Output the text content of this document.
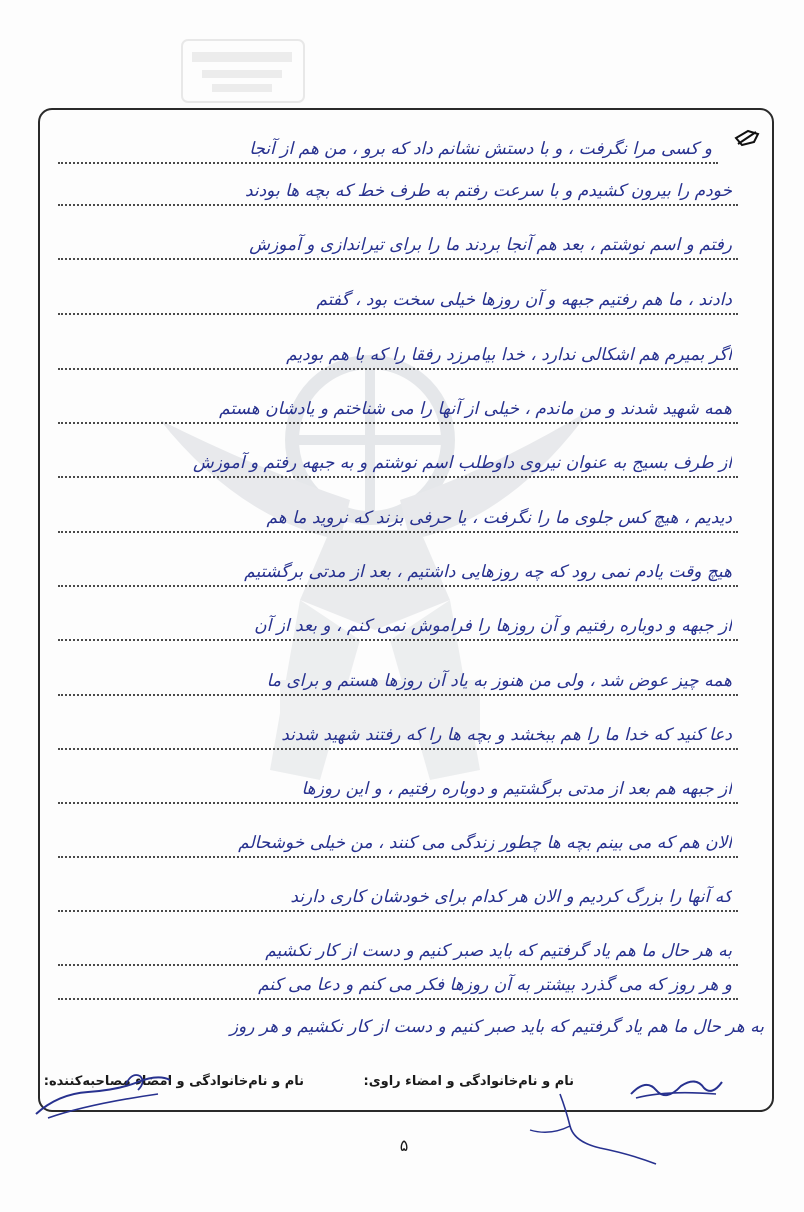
و کسی مرا نگرفت ، و با دستش نشانم داد که برو ، من هم از آنجا
خودم را بیرون کشیدم و با سرعت رفتم به طرف خط که بچه ها بودند
رفتم و اسم نوشتم ، بعد هم آنجا بردند ما را برای تیراندازی و آموزش
دادند ، ما هم رفتیم جبهه و آن روزها خیلی سخت بود ، گفتم
اگر بمیرم هم اشکالی ندارد ، خدا بیامرزد رفقا را که با هم بودیم
همه شهید شدند و من ماندم ، خیلی از آنها را می شناختم و یادشان هستم
از طرف بسیج به عنوان نیروی داوطلب اسم نوشتم و به جبهه رفتم و آموزش
دیدیم ، هیچ کس جلوی ما را نگرفت ، یا حرفی بزند که نروید ما هم
هیچ وقت یادم نمی رود که چه روزهایی داشتیم ، بعد از مدتی برگشتیم
از جبهه و دوباره رفتیم و آن روزها را فراموش نمی کنم ، و بعد از آن
همه چیز عوض شد ، ولی من هنوز به یاد آن روزها هستم و برای ما
دعا کنید که خدا ما را هم ببخشد و بچه ها را که رفتند شهید شدند
از جبهه هم بعد از مدتی برگشتیم و دوباره رفتیم ، و این روزها
الان هم که می بینم بچه ها چطور زندگی می کنند ، من خیلی خوشحالم
که آنها را بزرگ کردیم و الان هر کدام برای خودشان کاری دارند
به هر حال ما هم یاد گرفتیم که باید صبر کنیم و دست از کار نکشیم
و هر روز که می گذرد بیشتر به آن روزها فکر می کنم و دعا می کنم
به هر حال ما هم یاد گرفتیم که باید صبر کنیم و دست از کار نکشیم و هر روز
نام و نام‌خانوادگی و امضاء راوی:
نام و نام‌خانوادگی و امضاء مصاحبه‌کننده:
۵
